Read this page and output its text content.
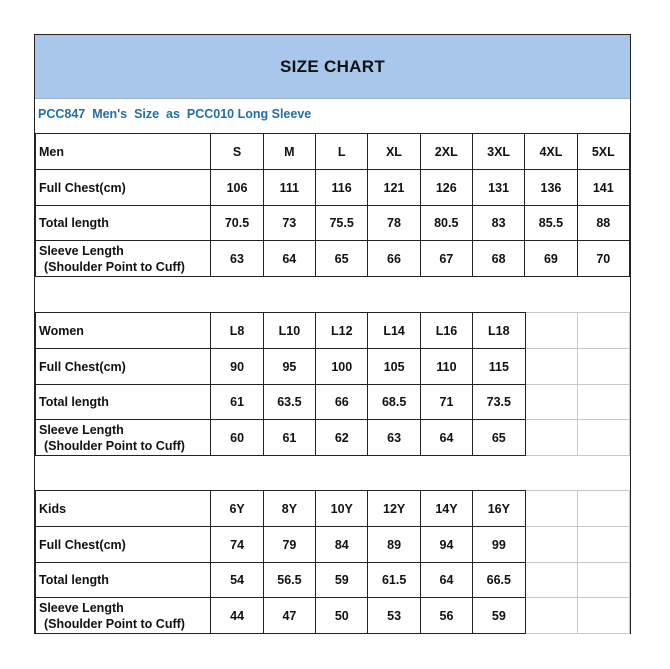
SIZE CHART
PCC847  Men's  Size  as  PCC010 Long Sleeve
Men	S	M	L	XL	2XL	3XL	4XL	5XL
Full Chest(cm)	106	111	116	121	126	131	136	141
Total length	70.5	73	75.5	78	80.5	83	85.5	88
Sleeve Length
(Shoulder Point to Cuff)	63	64	65	66	67	68	69	70
Women	L8	L10	L12	L14	L16	L18		
Full Chest(cm)	90	95	100	105	110	115		
Total length	61	63.5	66	68.5	71	73.5		
Sleeve Length
(Shoulder Point to Cuff)	60	61	62	63	64	65		
Kids	6Y	8Y	10Y	12Y	14Y	16Y		
Full Chest(cm)	74	79	84	89	94	99		
Total length	54	56.5	59	61.5	64	66.5		
Sleeve Length
(Shoulder Point to Cuff)	44	47	50	53	56	59		
